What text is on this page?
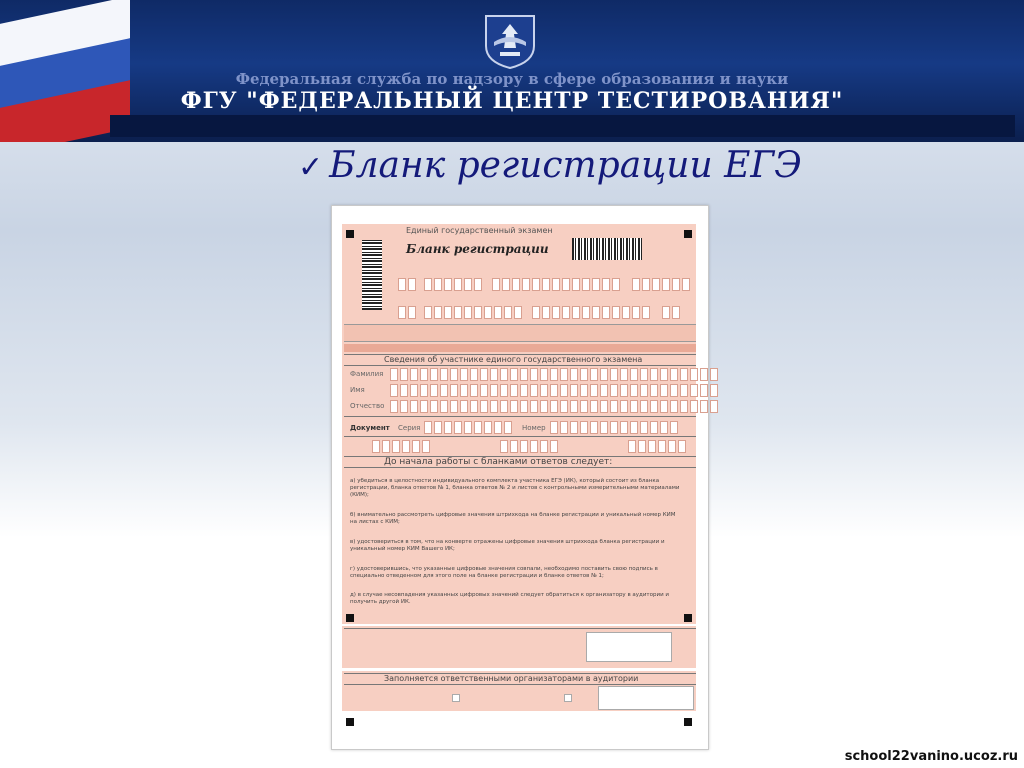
Федеральная служба по надзору в сфере образования и науки
ФГУ "ФЕДЕРАЛЬНЫЙ ЦЕНТР ТЕСТИРОВАНИЯ"
✓ Бланк регистрации ЕГЭ
Единый государственный экзамен
Бланк регистрации
Сведения об участнике единого государственного экзамена
Фамилия
Имя
Отчество
Документ Серия	Номер
До начала работы с бланками ответов следует:
а) убедиться в целостности индивидуального комплекта участника ЕГЭ (ИК), который состоит из бланка регистрации, бланка ответов № 1, бланка ответов № 2 и листов с контрольными измерительными материалами (КИМ);
б) внимательно рассмотреть цифровые значения штрихкода на бланке регистрации и уникальный номер КИМ на листах с КИМ;
в) удостовериться в том, что на конверте отражены цифровые значения штрихкода бланка регистрации и уникальный номер КИМ Вашего ИК;
г) удостоверившись, что указанные цифровые значения совпали, необходимо поставить свою подпись в специально отведенном для этого поле на бланке регистрации и бланке ответов № 1;
д) в случае несовпадения указанных цифровых значений следует обратиться к организатору в аудитории и получить другой ИК.
Заполняется ответственными организаторами в аудитории
school22vanino.ucoz.ru
